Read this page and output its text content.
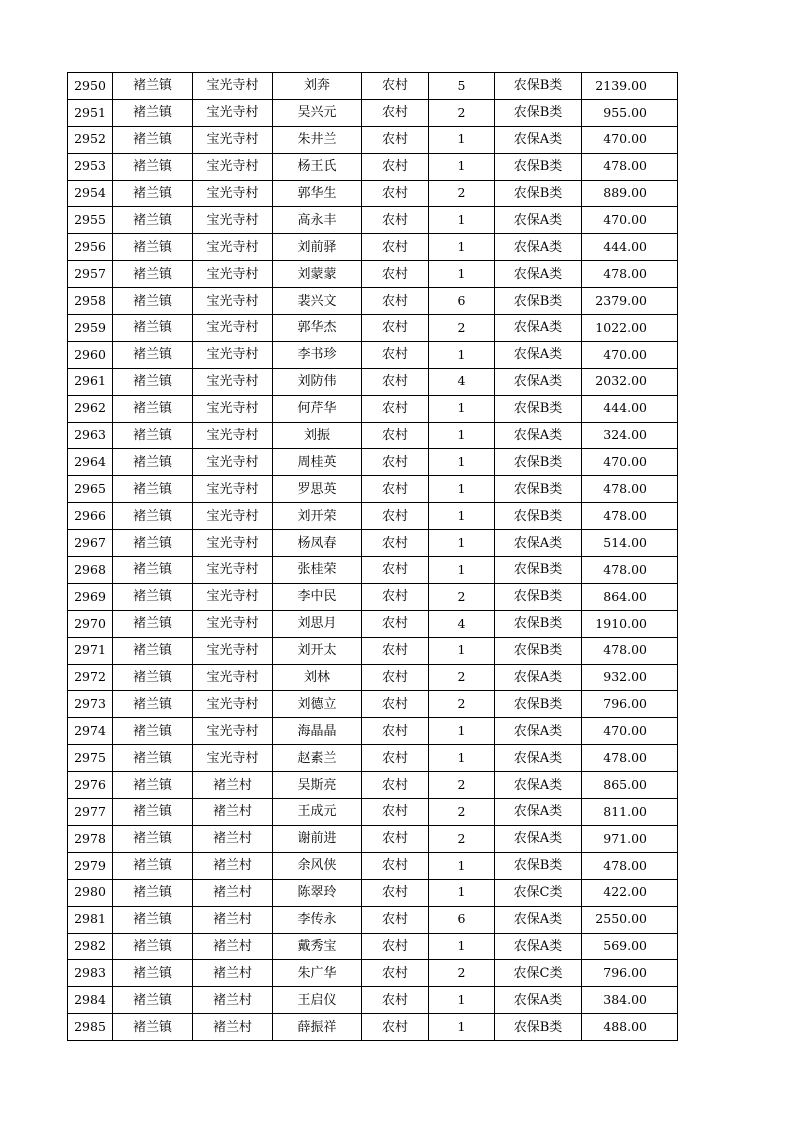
2950	褚兰镇	宝光寺村	刘奔	农村	5	农保B类	2139.00
2951	褚兰镇	宝光寺村	吴兴元	农村	2	农保B类	955.00
2952	褚兰镇	宝光寺村	朱井兰	农村	1	农保A类	470.00
2953	褚兰镇	宝光寺村	杨王氏	农村	1	农保B类	478.00
2954	褚兰镇	宝光寺村	郭华生	农村	2	农保B类	889.00
2955	褚兰镇	宝光寺村	高永丰	农村	1	农保A类	470.00
2956	褚兰镇	宝光寺村	刘前驿	农村	1	农保A类	444.00
2957	褚兰镇	宝光寺村	刘蒙蒙	农村	1	农保A类	478.00
2958	褚兰镇	宝光寺村	裴兴文	农村	6	农保B类	2379.00
2959	褚兰镇	宝光寺村	郭华杰	农村	2	农保A类	1022.00
2960	褚兰镇	宝光寺村	李书珍	农村	1	农保A类	470.00
2961	褚兰镇	宝光寺村	刘防伟	农村	4	农保A类	2032.00
2962	褚兰镇	宝光寺村	何芹华	农村	1	农保B类	444.00
2963	褚兰镇	宝光寺村	刘振	农村	1	农保A类	324.00
2964	褚兰镇	宝光寺村	周桂英	农村	1	农保B类	470.00
2965	褚兰镇	宝光寺村	罗思英	农村	1	农保B类	478.00
2966	褚兰镇	宝光寺村	刘开荣	农村	1	农保B类	478.00
2967	褚兰镇	宝光寺村	杨凤春	农村	1	农保A类	514.00
2968	褚兰镇	宝光寺村	张桂荣	农村	1	农保B类	478.00
2969	褚兰镇	宝光寺村	李中民	农村	2	农保B类	864.00
2970	褚兰镇	宝光寺村	刘思月	农村	4	农保B类	1910.00
2971	褚兰镇	宝光寺村	刘开太	农村	1	农保B类	478.00
2972	褚兰镇	宝光寺村	刘林	农村	2	农保A类	932.00
2973	褚兰镇	宝光寺村	刘德立	农村	2	农保B类	796.00
2974	褚兰镇	宝光寺村	海晶晶	农村	1	农保A类	470.00
2975	褚兰镇	宝光寺村	赵素兰	农村	1	农保A类	478.00
2976	褚兰镇	褚兰村	吴斯亮	农村	2	农保A类	865.00
2977	褚兰镇	褚兰村	王成元	农村	2	农保A类	811.00
2978	褚兰镇	褚兰村	谢前进	农村	2	农保A类	971.00
2979	褚兰镇	褚兰村	余风侠	农村	1	农保B类	478.00
2980	褚兰镇	褚兰村	陈翠玲	农村	1	农保C类	422.00
2981	褚兰镇	褚兰村	李传永	农村	6	农保A类	2550.00
2982	褚兰镇	褚兰村	戴秀宝	农村	1	农保A类	569.00
2983	褚兰镇	褚兰村	朱广华	农村	2	农保C类	796.00
2984	褚兰镇	褚兰村	王启仪	农村	1	农保A类	384.00
2985	褚兰镇	褚兰村	薛振祥	农村	1	农保B类	488.00
